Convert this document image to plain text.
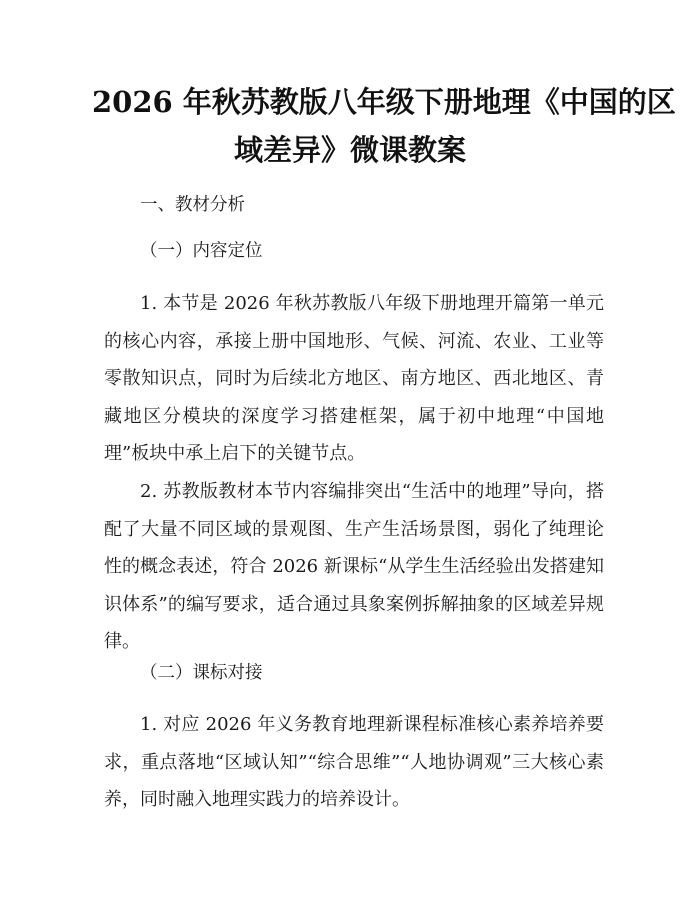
2026 年秋苏教版八年级下册地理《中国的区
域差异》微课教案
一、教材分析
（一）内容定位
1. 本节是 2026 年秋苏教版八年级下册地理开篇第一单元的核心内容，承接上册中国地形、气候、河流、农业、工业等零散知识点，同时为后续北方地区、南方地区、西北地区、青藏地区分模块的深度学习搭建框架，属于初中地理“中国地理”板块中承上启下的关键节点。
2. 苏教版教材本节内容编排突出“生活中的地理”导向，搭配了大量不同区域的景观图、生产生活场景图，弱化了纯理论性的概念表述，符合 2026 新课标“从学生生活经验出发搭建知识体系”的编写要求，适合通过具象案例拆解抽象的区域差异规律。
（二）课标对接
1. 对应 2026 年义务教育地理新课程标准核心素养培养要求，重点落地“区域认知”“综合思维”“人地协调观”三大核心素养，同时融入地理实践力的培养设计。
